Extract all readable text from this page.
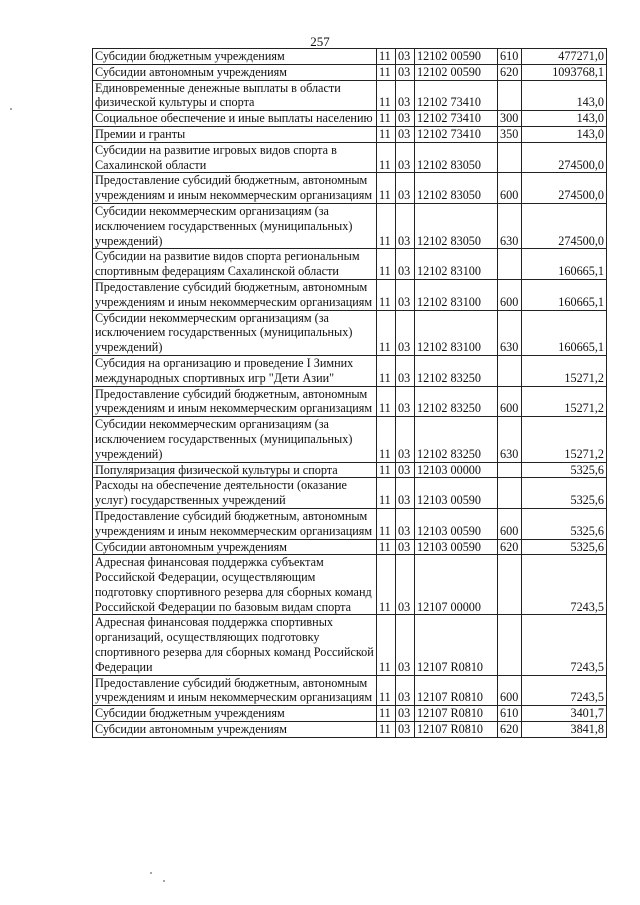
257
Субсидии бюджетным учреждениям	11	03	12102 00590	610	477271,0
Субсидии автономным учреждениям	11	03	12102 00590	620	1093768,1
Единовременные денежные выплаты в области физической культуры и спорта	11	03	12102 73410		143,0
Социальное обеспечение и иные выплаты населению	11	03	12102 73410	300	143,0
Премии и гранты	11	03	12102 73410	350	143,0
Субсидии на развитие игровых видов спорта в Сахалинской области	11	03	12102 83050		274500,0
Предоставление субсидий бюджетным, автономным учреждениям и иным некоммерческим организациям	11	03	12102 83050	600	274500,0
Субсидии некоммерческим организациям (за исключением государственных (муниципальных) учреждений)	11	03	12102 83050	630	274500,0
Субсидии на развитие видов спорта региональным спортивным федерациям Сахалинской области	11	03	12102 83100		160665,1
Предоставление субсидий бюджетным, автономным учреждениям и иным некоммерческим организациям	11	03	12102 83100	600	160665,1
Субсидии некоммерческим организациям (за исключением государственных (муниципальных) учреждений)	11	03	12102 83100	630	160665,1
Субсидия на организацию и проведение I Зимних международных спортивных игр "Дети Азии"	11	03	12102 83250		15271,2
Предоставление субсидий бюджетным, автономным учреждениям и иным некоммерческим организациям	11	03	12102 83250	600	15271,2
Субсидии некоммерческим организациям (за исключением государственных (муниципальных) учреждений)	11	03	12102 83250	630	15271,2
Популяризация физической культуры и спорта	11	03	12103 00000		5325,6
Расходы на обеспечение деятельности (оказание услуг) государственных учреждений	11	03	12103 00590		5325,6
Предоставление субсидий бюджетным, автономным учреждениям и иным некоммерческим организациям	11	03	12103 00590	600	5325,6
Субсидии автономным учреждениям	11	03	12103 00590	620	5325,6
Адресная финансовая поддержка субъектам Российской Федерации, осуществляющим подготовку спортивного резерва для сборных команд Российской Федерации по базовым видам спорта	11	03	12107 00000		7243,5
Адресная финансовая поддержка спортивных организаций, осуществляющих подготовку спортивного резерва для сборных команд Российской Федерации	11	03	12107 R0810		7243,5
Предоставление субсидий бюджетным, автономным учреждениям и иным некоммерческим организациям	11	03	12107 R0810	600	7243,5
Субсидии бюджетным учреждениям	11	03	12107 R0810	610	3401,7
Субсидии автономным учреждениям	11	03	12107 R0810	620	3841,8
